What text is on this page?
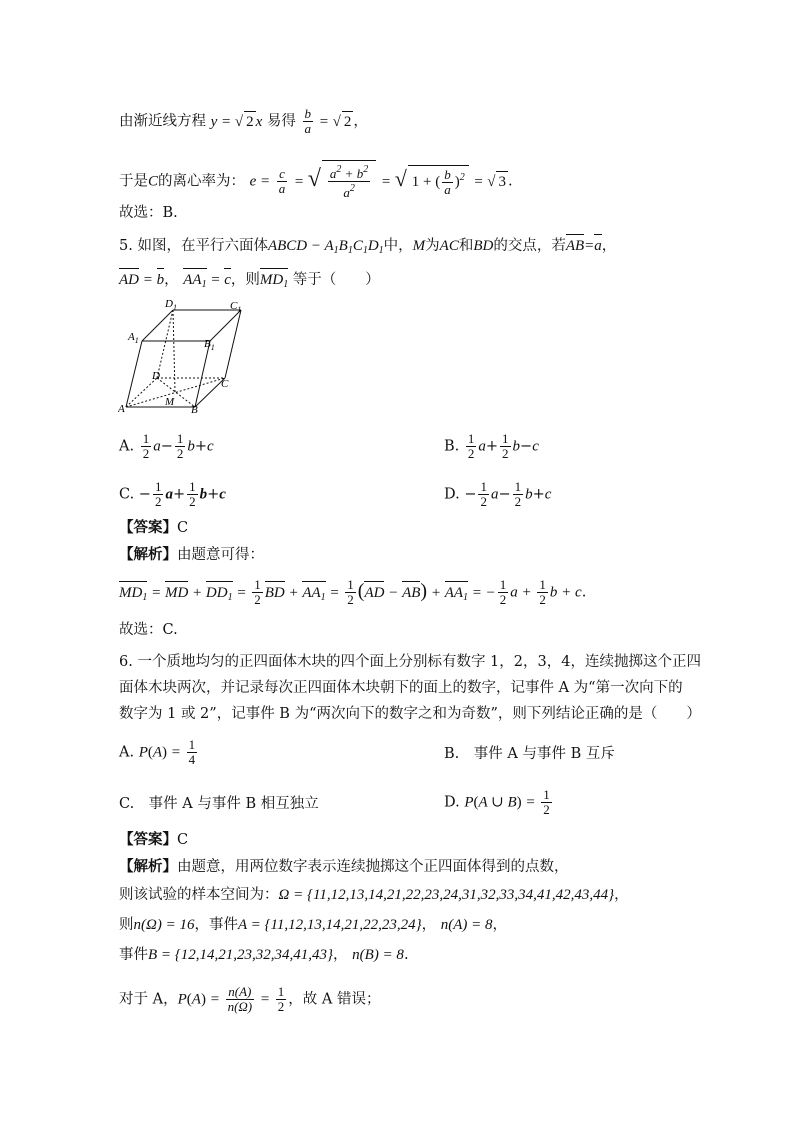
由渐近线方程 y = √ 2 x 易得 $\frac{b}{a}$ = √ 2 ，
于是C的离心率为： $e = \frac{c}{a}$ = √ $\frac{a^2 + b^2}{a^2}$ = √ 1 + ( $\frac{b}{a} )^2$ = √ 3 .
故选：B.
5. 如图，在平行六面体ABCD − $A_1B_1C_1D_1$中，M为AC和BD的交点，若AB=a，
AD = b， $AA_1 = c$，则$MD_1$ 等于（　　）
$D_1$	$C_1$
$A_1$	$B_1$
D
C
A
M
B
A. $\frac{1}{2} a- \frac{1}{2} b+c$	B. $\frac{1}{2} a+ \frac{1}{2} b-c$
C. − $\frac{1}{2} a+ \frac{1}{2} b+c$	D. − $\frac{1}{2} a- \frac{1}{2} b+c$
【答案】C
【解析】由题意可得：
$MD_1$ = MD + $DD_1 = \frac{1}{2}$ BD + $AA_1 = \frac{1}{2} (AD - AB) + AA_1$ = − $\frac{1}{2}$ $a + \frac{1}{2}$ b + c.
故选：C.
6. 一个质地均匀的正四面体木块的四个面上分别标有数字 1，2，3，4，连续抛掷这个正四
面体木块两次，并记录每次正四面体木块朝下的面上的数字，记事件 A 为“第一次向下的
数字为 1 或 2”，记事件 B 为“两次向下的数字之和为奇数”，则下列结论正确的是（　　）
A. $P(A) = \frac{1}{4}$	B.　事件 A 与事件 B 互斥
C.　事件 A 与事件 B 相互独立	D. P(A ∪ $B) = \frac{1}{2}$
【答案】C
【解析】由题意，用两位数字表示连续抛掷这个正四面体得到的点数，
则该试验的样本空间为：Ω = {11,12,13,14,21,22,23,24,31,32,33,34,41,42,43,44}，
则n(Ω) = 16，事件A = {11,12,13,14,21,22,23,24}， n(A) = 8，
事件B = {12,14,21,23,32,34,41,43}， n(B) = 8.
对于 A，$P(A) = \frac{n(A)}{n(\Omega)} = \frac{1}{2}$ ，故 A 错误；
